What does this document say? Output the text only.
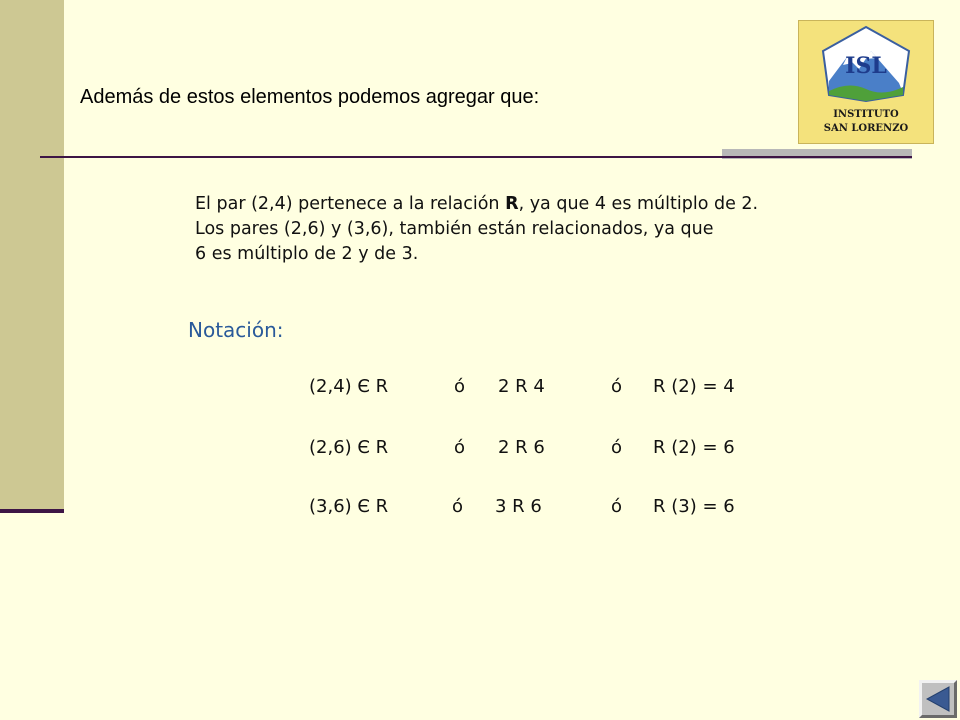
Además de estos elementos podemos agregar que:
ISL
INSTITUTO
SAN LORENZO
El par (2,4) pertenece a la relación R, ya que 4 es múltiplo de 2.
Los pares (2,6) y (3,6), también están relacionados, ya que
6 es múltiplo de 2 y de 3.
Notación:
(2,4) Є R	ó 2 R 4	ó R (2) = 4
(2,6) Є R	ó 2 R 6	ó R (2) = 6
(3,6) Є R	ó 3 R 6	ó R (3) = 6
